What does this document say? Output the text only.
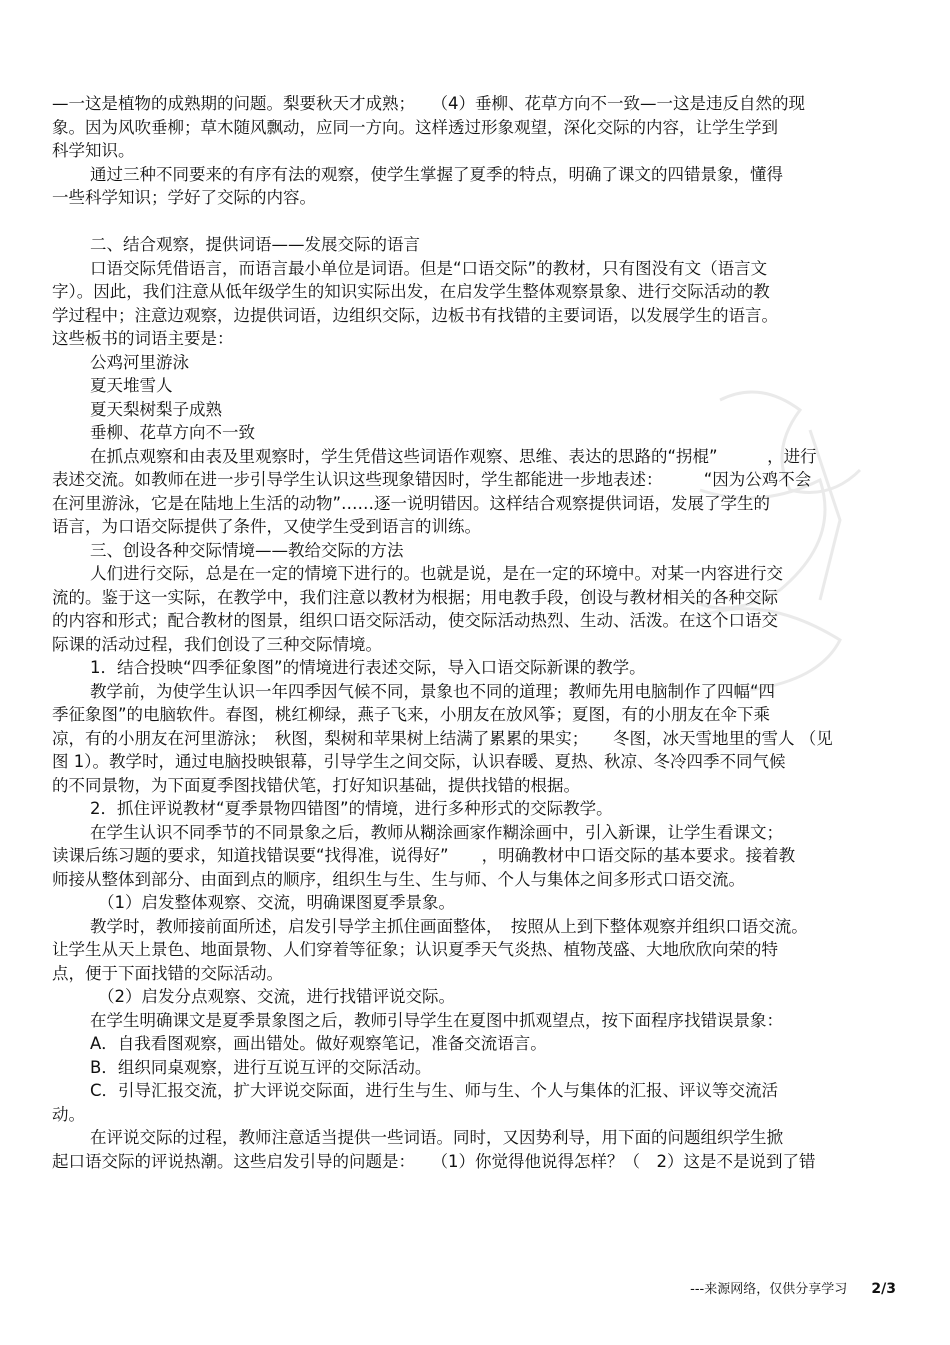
—一这是植物的成熟期的问题。梨要秋天才成熟；　　（4）垂柳、花草方向不一致—一这是违反自然的现
象。因为风吹垂柳；草木随风飘动，应同一方向。这样透过形象观望，深化交际的内容，让学生学到
科学知识。
通过三种不同要来的有序有法的观察，使学生掌握了夏季的特点，明确了课文的四错景象，懂得
一些科学知识；学好了交际的内容。
二、结合观察，提供词语——发展交际的语言
口语交际凭借语言，而语言最小单位是词语。但是“口语交际”的教材，只有图没有文（语言文
字）。因此，我们注意从低年级学生的知识实际出发，在启发学生整体观察景象、进行交际活动的教
学过程中；注意边观察，边提供词语，边组织交际，边板书有找错的主要词语，以发展学生的语言。
这些板书的词语主要是：
公鸡河里游泳
夏天堆雪人
夏天梨树梨子成熟
垂柳、花草方向不一致
在抓点观察和由表及里观察时，学生凭借这些词语作观察、思维、表达的思路的“拐棍”　　　，进行
表述交流。如教师在进一步引导学生认识这些现象错因时，学生都能进一步地表述：　　　“因为公鸡不会
在河里游泳，它是在陆地上生活的动物”……逐一说明错因。这样结合观察提供词语，发展了学生的
语言，为口语交际提供了条件，又使学生受到语言的训练。
三、创设各种交际情境——教给交际的方法
人们进行交际，总是在一定的情境下进行的。也就是说，是在一定的环境中。对某一内容进行交
流的。鉴于这一实际，在教学中，我们注意以教材为根据；用电教手段，创设与教材相关的各种交际
的内容和形式；配合教材的图景，组织口语交际活动，使交际活动热烈、生动、活泼。在这个口语交
际课的活动过程，我们创设了三种交际情境。
1．结合投映“四季征象图”的情境进行表述交际，导入口语交际新课的教学。
教学前，为使学生认识一年四季因气候不同，景象也不同的道理；教师先用电脑制作了四幅“四
季征象图”的电脑软件。春图，桃红柳绿，燕子飞来，小朋友在放风筝；夏图，有的小朋友在伞下乘
凉，有的小朋友在河里游泳；　秋图，梨树和苹果树上结满了累累的果实；　　冬图，冰天雪地里的雪人 （见
图 1）。教学时，通过电脑投映银幕，引导学生之间交际，认识春暖、夏热、秋凉、冬冷四季不同气候
的不同景物，为下面夏季图找错伏笔，打好知识基础，提供找错的根据。
2．抓住评说教材“夏季景物四错图”的情境，进行多种形式的交际教学。
在学生认识不同季节的不同景象之后，教师从糊涂画家作糊涂画中，引入新课，让学生看课文；
读课后练习题的要求，知道找错误要“找得准，说得好”　　，明确教材中口语交际的基本要求。接着教
师接从整体到部分、由面到点的顺序，组织生与生、生与师、个人与集体之间多形式口语交流。
（1）启发整体观察、交流，明确课图夏季景象。
教学时，教师接前面所述，启发引导学主抓住画面整体，　按照从上到下整体观察并组织口语交流。
让学生从天上景色、地面景物、人们穿着等征象；认识夏季天气炎热、植物茂盛、大地欣欣向荣的特
点，便于下面找错的交际活动。
（2）启发分点观察、交流，进行找错评说交际。
在学生明确课文是夏季景象图之后，教师引导学生在夏图中抓观望点，按下面程序找错误景象：
A．自我看图观察，画出错处。做好观察笔记，准备交流语言。
B．组织同桌观察，进行互说互评的交际活动。
C．引导汇报交流，扩大评说交际面，进行生与生、师与生、个人与集体的汇报、评议等交流活
动。
在评说交际的过程，教师注意适当提供一些词语。同时，又因势利导，用下面的问题组织学生掀
起口语交际的评说热潮。这些启发引导的问题是：　　（1）你觉得他说得怎样？（　2）这是不是说到了错
---来源网络，仅供分享学习 2/3
